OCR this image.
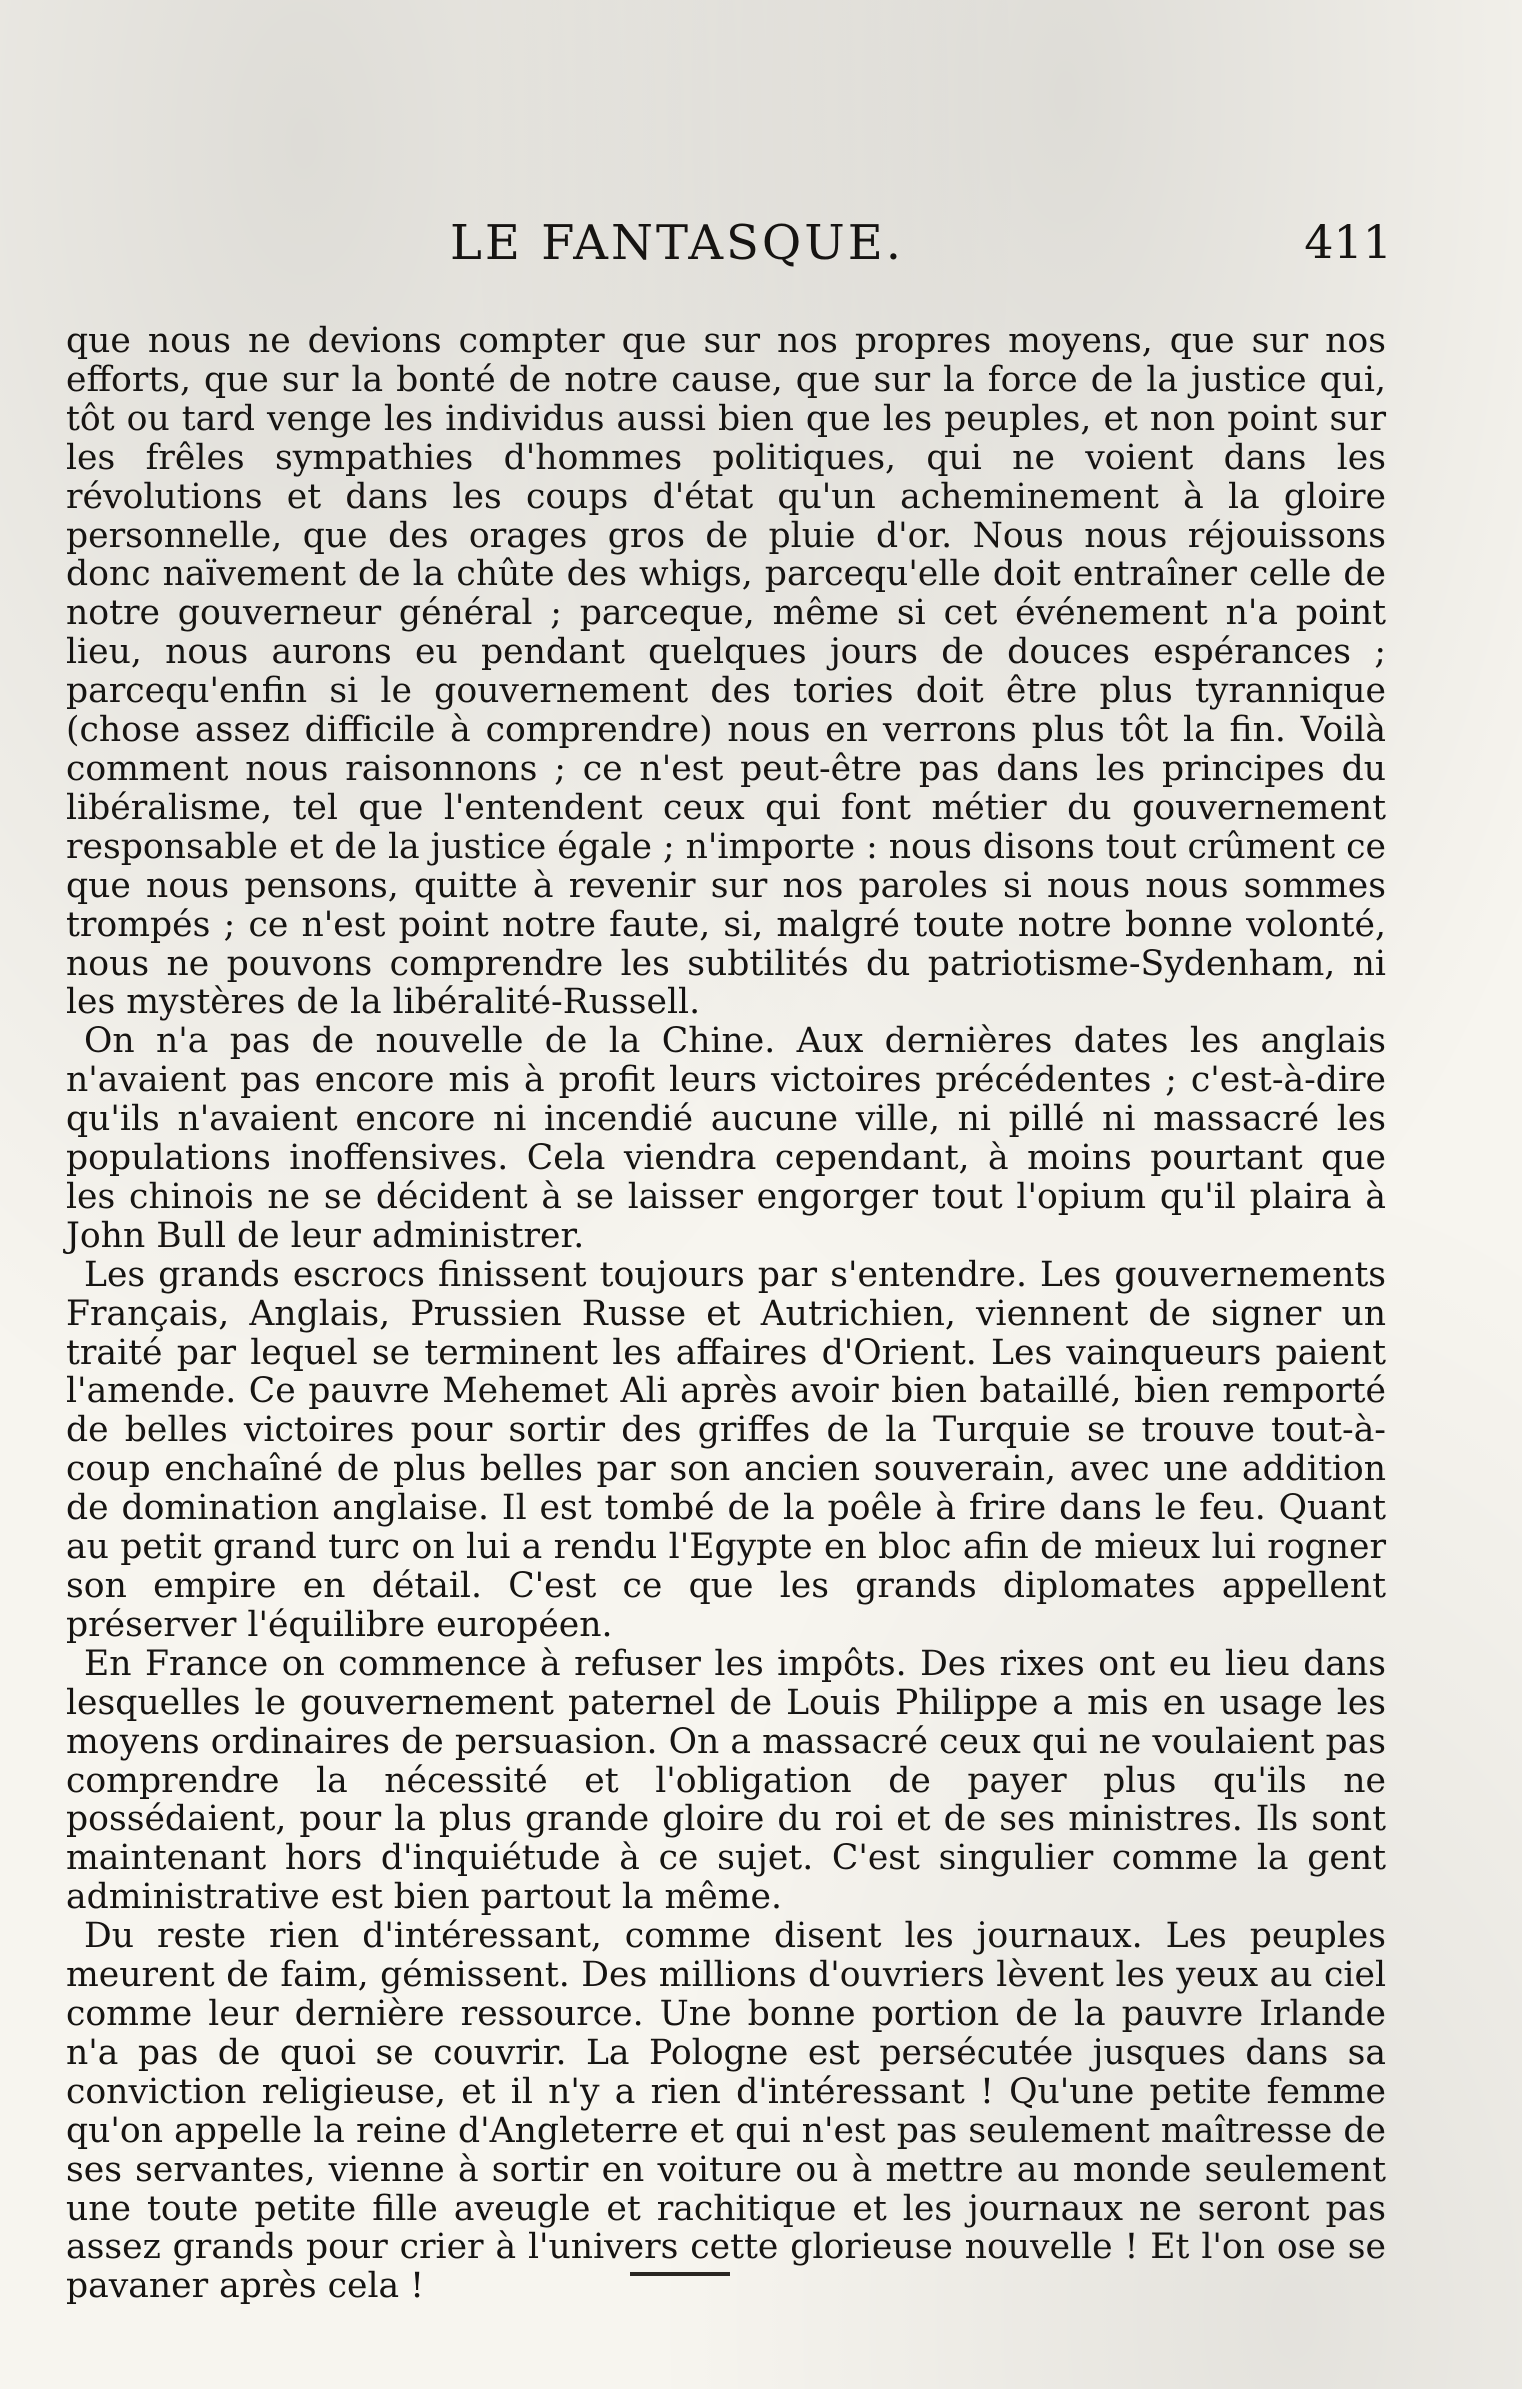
LE FANTASQUE.	411

que nous ne devions compter que sur nos propres moyens, que sur nos efforts, que sur la bonté de notre cause, que sur la force de la justice qui, tôt ou tard venge les individus aussi bien que les peuples, et non point sur les frêles sympathies d'hommes politiques, qui ne voient dans les révolutions et dans les coups d'état qu'un acheminement à la gloire personnelle, que des orages gros de pluie d'or. Nous nous réjouissons donc naïvement de la chûte des whigs, parcequ'elle doit entraîner celle de notre gouverneur général ; parceque, même si cet événement n'a point lieu, nous aurons eu pendant quelques jours de douces espérances ; parcequ'enfin si le gouvernement des tories doit être plus tyrannique (chose assez difficile à comprendre) nous en verrons plus tôt la fin. Voilà comment nous raisonnons ; ce n'est peut-être pas dans les principes du libéralisme, tel que l'entendent ceux qui font métier du gouvernement responsable et de la justice égale ; n'importe : nous disons tout crûment ce que nous pensons, quitte à revenir sur nos paroles si nous nous sommes trompés ; ce n'est point notre faute, si, malgré toute notre bonne volonté, nous ne pouvons comprendre les subtilités du patriotisme-Sydenham, ni les mystères de la libéralité-Russell.

On n'a pas de nouvelle de la Chine. Aux dernières dates les anglais n'avaient pas encore mis à profit leurs victoires précédentes ; c'est-à-dire qu'ils n'avaient encore ni incendié aucune ville, ni pillé ni massacré les populations inoffensives. Cela viendra cependant, à moins pourtant que les chinois ne se décident à se laisser engorger tout l'opium qu'il plaira à John Bull de leur administrer.

Les grands escrocs finissent toujours par s'entendre. Les gouvernements Français, Anglais, Prussien Russe et Autrichien, viennent de signer un traité par lequel se terminent les affaires d'Orient. Les vainqueurs paient l'amende. Ce pauvre Mehemet Ali après avoir bien bataillé, bien remporté de belles victoires pour sortir des griffes de la Turquie se trouve tout-à-coup enchaîné de plus belles par son ancien souverain, avec une addition de domination anglaise. Il est tombé de la poêle à frire dans le feu. Quant au petit grand turc on lui a rendu l'Egypte en bloc afin de mieux lui rogner son empire en détail. C'est ce que les grands diplomates appellent préserver l'équilibre européen.

En France on commence à refuser les impôts. Des rixes ont eu lieu dans lesquelles le gouvernement paternel de Louis Philippe a mis en usage les moyens ordinaires de persuasion. On a massacré ceux qui ne voulaient pas comprendre la nécessité et l'obligation de payer plus qu'ils ne possédaient, pour la plus grande gloire du roi et de ses ministres. Ils sont maintenant hors d'inquiétude à ce sujet. C'est singulier comme la gent administrative est bien partout la même.

Du reste rien d'intéressant, comme disent les journaux. Les peuples meurent de faim, gémissent. Des millions d'ouvriers lèvent les yeux au ciel comme leur dernière ressource. Une bonne portion de la pauvre Irlande n'a pas de quoi se couvrir. La Pologne est persécutée jusques dans sa conviction religieuse, et il n'y a rien d'intéressant ! Qu'une petite femme qu'on appelle la reine d'Angleterre et qui n'est pas seulement maîtresse de ses servantes, vienne à sortir en voiture ou à mettre au monde seulement une toute petite fille aveugle et rachitique et les journaux ne seront pas assez grands pour crier à l'univers cette glorieuse nouvelle ! Et l'on ose se pavaner après cela !
